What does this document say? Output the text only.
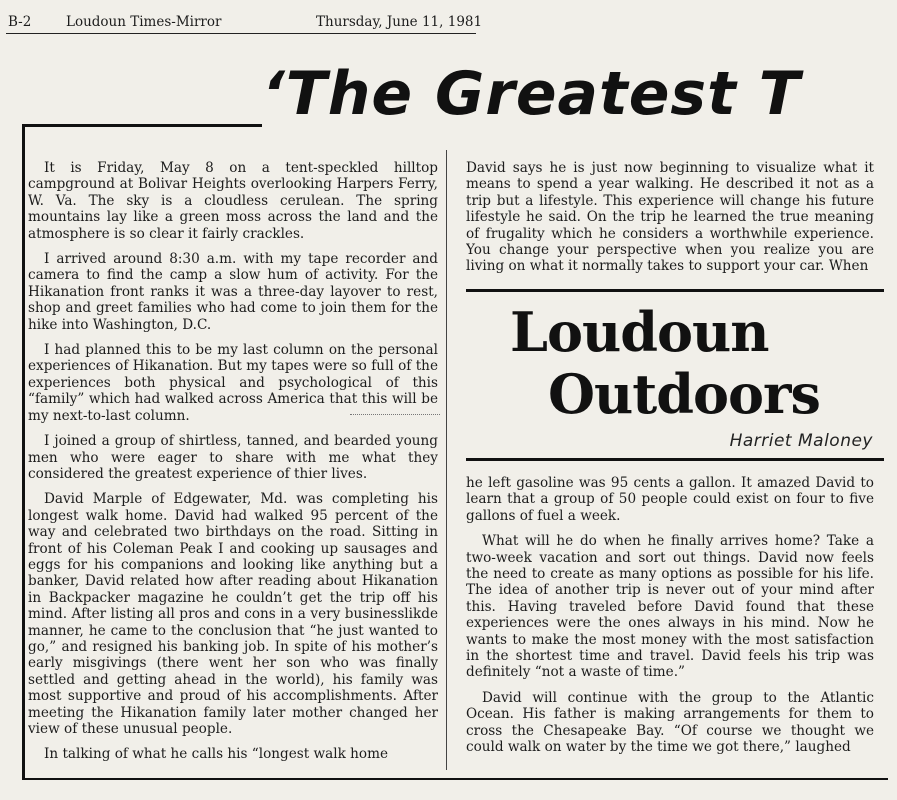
B-2	Loudoun Times-Mirror	Thursday, June 11, 1981
‘The Greatest T

It is Friday, May 8 on a tent-speckled hilltop campground at Bolivar Heights overlooking Harpers Ferry, W. Va. The sky is a cloudless cerulean. The spring mountains lay like a green moss across the land and the atmosphere is so clear it fairly crackles.

I arrived around 8:30 a.m. with my tape recorder and camera to find the camp a slow hum of activity. For the Hikanation front ranks it was a three-day layover to rest, shop and greet families who had come to join them for the hike into Washington, D.C.

I had planned this to be my last column on the personal experiences of Hikanation. But my tapes were so full of the experiences both physical and psychological of this “family” which had walked across America that this will be my next-to-last column.

I joined a group of shirtless, tanned, and bearded young men who were eager to share with me what they considered the greatest experience of thier lives.

David Marple of Edgewater, Md. was completing his longest walk home. David had walked 95 percent of the way and celebrated two birthdays on the road. Sitting in front of his Coleman Peak I and cooking up sausages and eggs for his companions and looking like anything but a banker, David related how after reading about Hikanation in Backpacker magazine he couldn’t get the trip off his mind. After listing all pros and cons in a very businesslikde manner, he came to the conclusion that “he just wanted to go,” and resigned his banking job. In spite of his mother’s early misgivings (there went her son who was finally settled and getting ahead in the world), his family was most supportive and proud of his accomplishments. After meeting the Hikanation family later mother changed her view of these unusual people.

In talking of what he calls his “longest walk home

David says he is just now beginning to visualize what it means to spend a year walking. He described it not as a trip but a lifestyle. This experience will change his future lifestyle he said. On the trip he learned the true meaning of frugality which he considers a worthwhile experience. You change your perspective when you realize you are living on what it normally takes to support your car. When

Loudoun
Outdoors
Harriet Maloney

he left gasoline was 95 cents a gallon. It amazed David to learn that a group of 50 people could exist on four to five gallons of fuel a week.

What will he do when he finally arrives home? Take a two-week vacation and sort out things. David now feels the need to create as many options as possible for his life. The idea of another trip is never out of your mind after this. Having traveled before David found that these experiences were the ones always in his mind. Now he wants to make the most money with the most satisfaction in the shortest time and travel. David feels his trip was definitely “not a waste of time.”

David will continue with the group to the Atlantic Ocean. His father is making arrangements for them to cross the Chesapeake Bay. “Of course we thought we could walk on water by the time we got there,” laughed
